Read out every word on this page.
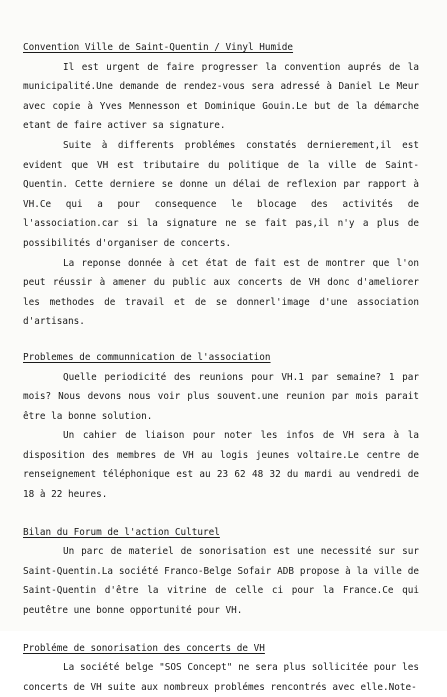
Convention Ville de Saint-Quentin / Vinyl Humide

Il est urgent de faire progresser la convention auprés de la municipalité.Une demande de rendez-vous sera adressé à Daniel Le Meur avec copie à Yves Mennesson et Dominique Gouin.Le but de la démarche etant de faire activer sa signature.

Suite à differents problémes constatés dernierement,il est evident que VH est tributaire du politique de la ville de Saint-Quentin. Cette derniere se donne un délai de reflexion par rapport à VH.Ce qui a pour consequence le blocage des activités de l'association.car si la signature ne se fait pas,il n'y a plus de possibilités d'organiser de concerts.

La reponse donnée à cet état de fait est de montrer que l'on peut réussir à amener du public aux concerts de VH donc d'ameliorer les methodes de travail et de se donnerl'image d'une association d'artisans.

Problemes de communnication de l'association

Quelle periodicité des reunions pour VH.1 par semaine? 1 par mois? Nous devons nous voir plus souvent.une reunion par mois parait être la bonne solution.

Un cahier de liaison pour noter les infos de VH sera à la disposition des membres de VH au logis jeunes voltaire.Le centre de renseignement téléphonique est au 23 62 48 32 du mardi au vendredi de 18 à 22 heures.

Bilan du Forum de l'action Culturel

Un parc de materiel de sonorisation est une necessité sur sur Saint-Quentin.La société Franco-Belge Sofair ADB propose à la ville de Saint-Quentin d'être la vitrine de celle ci pour la France.Ce qui peutêtre une bonne opportunité pour VH.

Probléme de sonorisation des concerts de VH

La société belge "SOS Concept" ne sera plus sollicitée pour les concerts de VH suite aux nombreux problémes rencontrés avec elle.Note-
